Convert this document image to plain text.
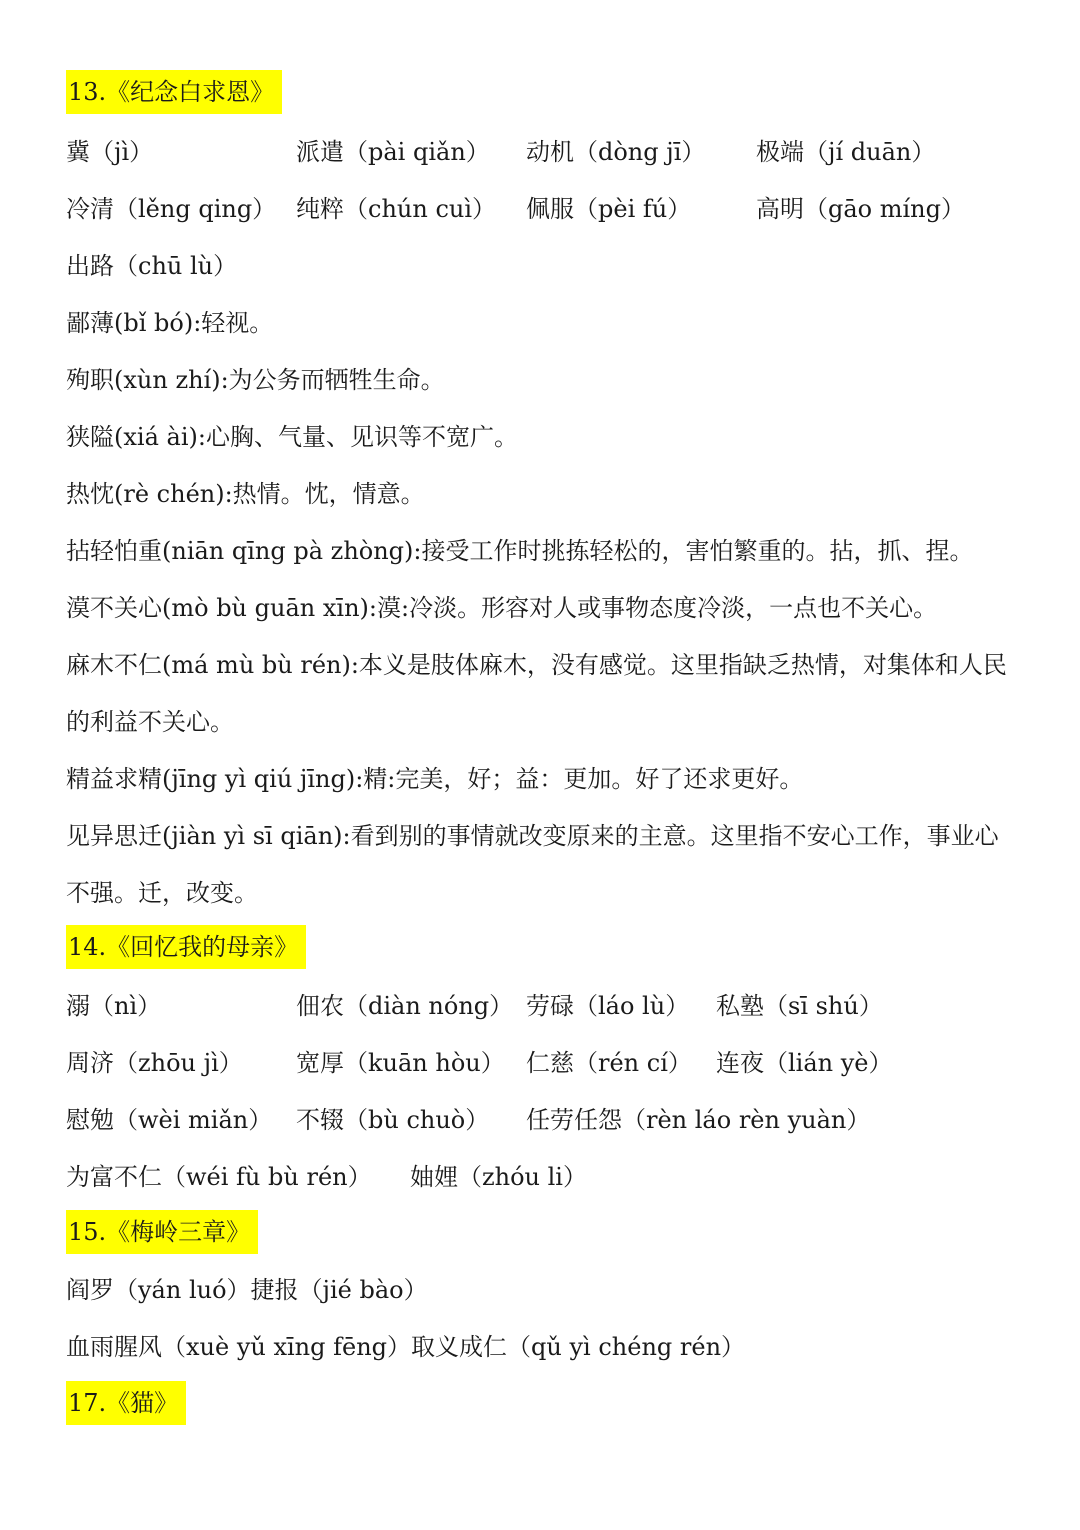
13.《纪念白求恩》
冀（jì）	派遣（pài qiǎn） 动机（dòng jī） 极端（jí duān）
冷清（lěng qing） 纯粹（chún cuì） 佩服（pèi fú）	高明（gāo míng）
出路（chū lù）
鄙薄(bǐ bó):轻视。
殉职(xùn zhí):为公务而牺牲生命。
狭隘(xiá ài):心胸、气量、见识等不宽广。
热忱(rè chén):热情。忱，情意。
拈轻怕重(niān qīng pà zhòng):接受工作时挑拣轻松的，害怕繁重的。拈，抓、捏。
漠不关心(mò bù guān xīn):漠:冷淡。形容对人或事物态度冷淡，一点也不关心。
麻木不仁(má mù bù rén):本义是肢体麻木，没有感觉。这里指缺乏热情，对集体和人民
的利益不关心。
精益求精(jīng yì qiú jīng):精:完美，好；益：更加。好了还求更好。
见异思迁(jiàn yì sī qiān):看到别的事情就改变原来的主意。这里指不安心工作，事业心
不强。迁，改变。
14.《回忆我的母亲》
溺（nì）	佃农（diàn nóng） 劳碌（láo lù） 私塾（sī shú）
周济（zhōu jì） 宽厚（kuān hòu） 仁慈（rén cí） 连夜（lián yè）
慰勉（wèi miǎn） 不辍（bù chuò） 任劳任怨（rèn láo rèn yuàn）
为富不仁（wéi fù bù rén） 妯娌（zhóu li）
15.《梅岭三章》
阎罗（yán luó）捷报（jié bào）
血雨腥风（xuè yǔ xīng fēng）取义成仁（qǔ yì chéng rén）
17.《猫》
